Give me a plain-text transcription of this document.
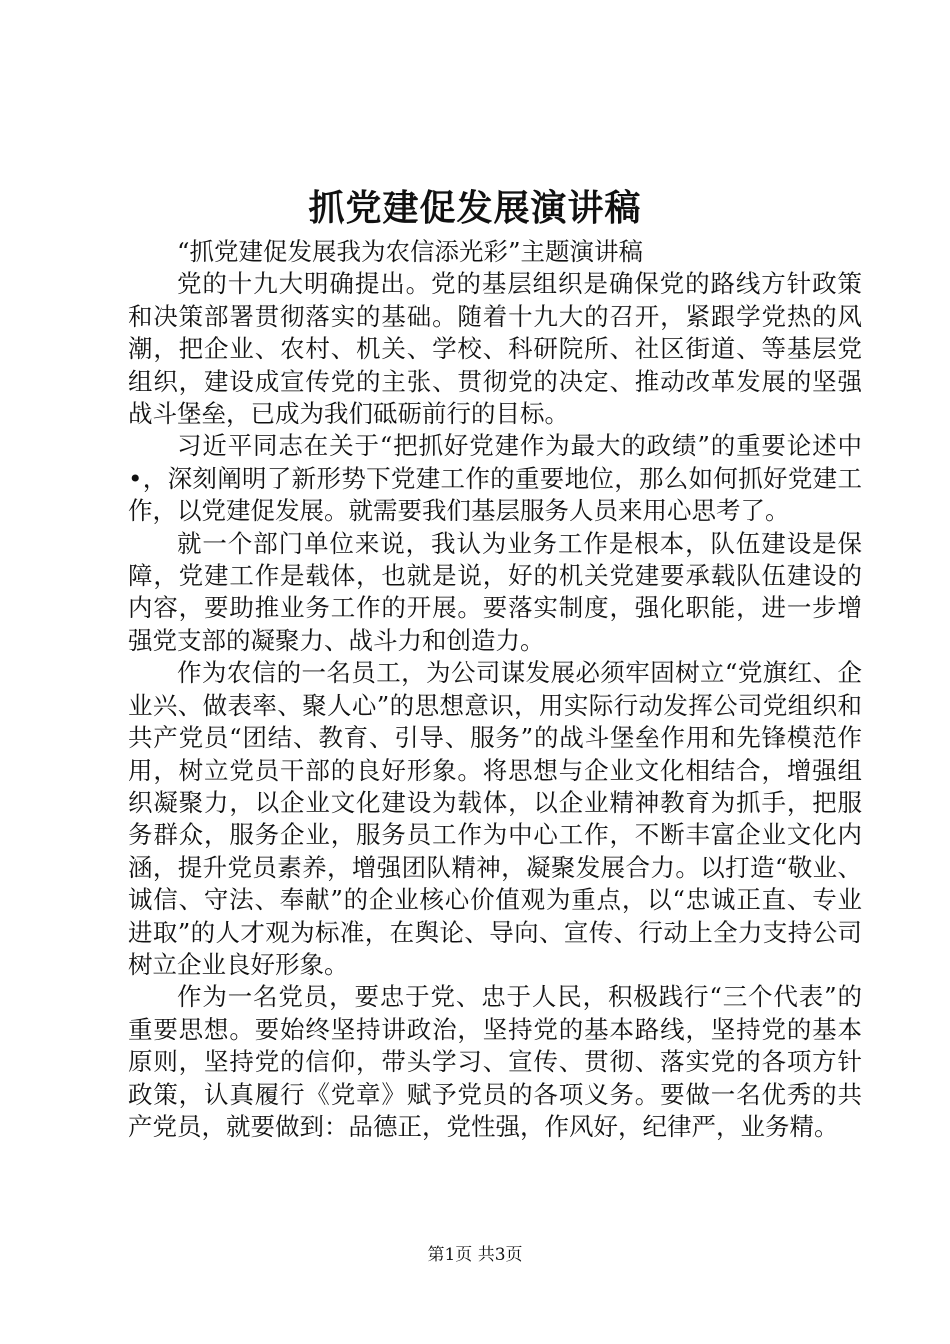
抓党建促发展演讲稿

“抓党建促发展我为农信添光彩”主题演讲稿

党的十九大明确提出。党的基层组织是确保党的路线方针政策和决策部署贯彻落实的基础。随着十九大的召开，紧跟学党热的风潮，把企业、农村、机关、学校、科研院所、社区街道、等基层党组织，建设成宣传党的主张、贯彻党的决定、推动改革发展的坚强战斗堡垒，已成为我们砥砺前行的目标。

习近平同志在关于“把抓好党建作为最大的政绩”的重要论述中•，深刻阐明了新形势下党建工作的重要地位，那么如何抓好党建工作，以党建促发展。就需要我们基层服务人员来用心思考了。

就一个部门单位来说，我认为业务工作是根本，队伍建设是保障，党建工作是载体，也就是说，好的机关党建要承载队伍建设的内容，要助推业务工作的开展。要落实制度，强化职能，进一步增强党支部的凝聚力、战斗力和创造力。

作为农信的一名员工，为公司谋发展必须牢固树立“党旗红、企业兴、做表率、聚人心”的思想意识，用实际行动发挥公司党组织和共产党员“团结、教育、引导、服务”的战斗堡垒作用和先锋模范作用，树立党员干部的良好形象。将思想与企业文化相结合，增强组织凝聚力，以企业文化建设为载体，以企业精神教育为抓手，把服务群众，服务企业，服务员工作为中心工作，不断丰富企业文化内涵，提升党员素养，增强团队精神，凝聚发展合力。以打造“敬业、诚信、守法、奉献”的企业核心价值观为重点，以“忠诚正直、专业进取”的人才观为标准，在舆论、导向、宣传、行动上全力支持公司树立企业良好形象。

作为一名党员，要忠于党、忠于人民，积极践行“三个代表”的重要思想。要始终坚持讲政治，坚持党的基本路线，坚持党的基本原则，坚持党的信仰，带头学习、宣传、贯彻、落实党的各项方针政策，认真履行《党章》赋予党员的各项义务。要做一名优秀的共产党员，就要做到：品德正，党性强，作风好，纪律严，业务精。

第1页 共3页
